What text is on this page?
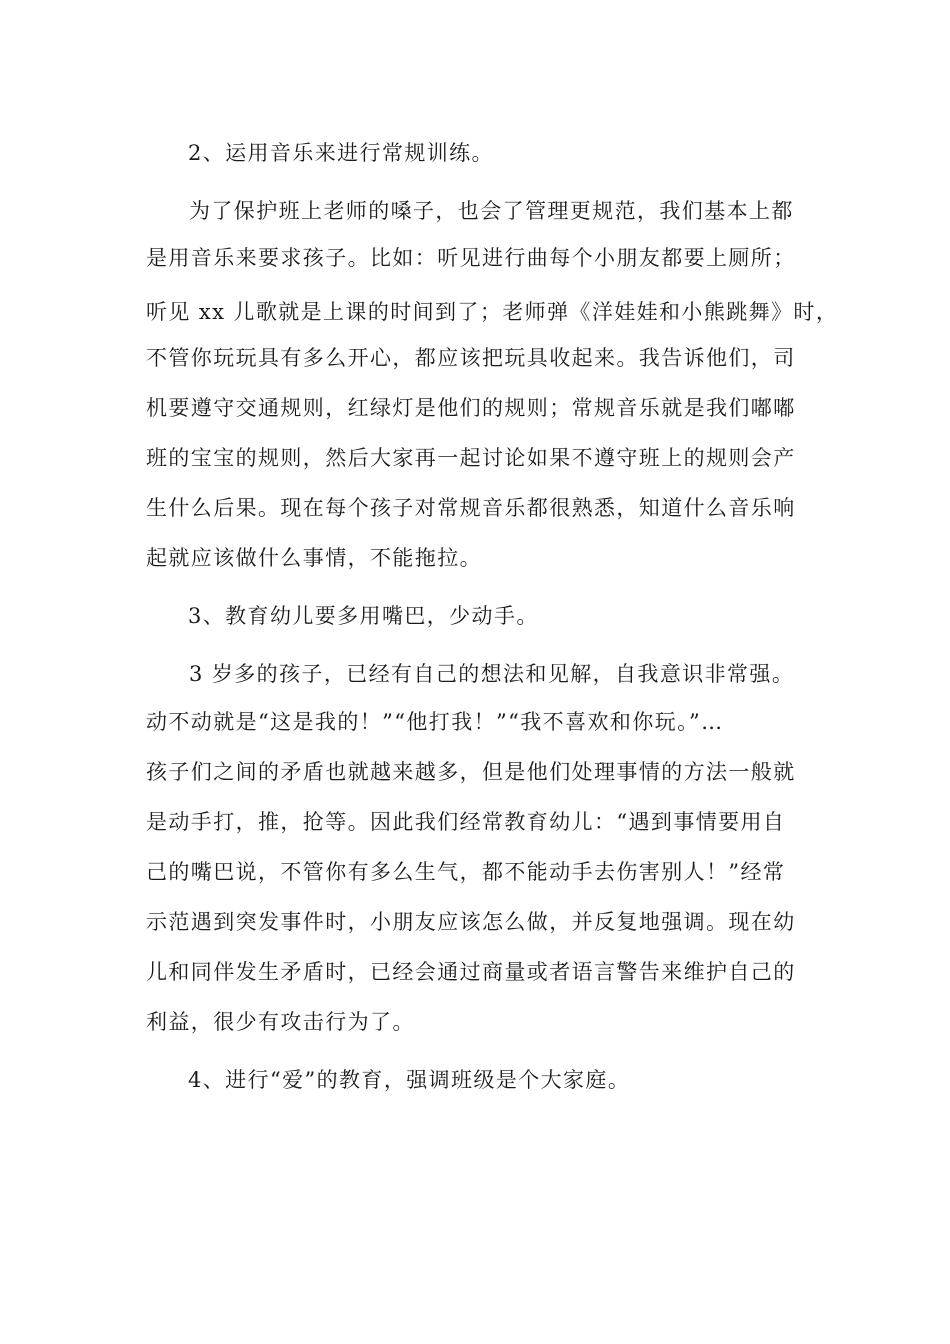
2、运用音乐来进行常规训练。
为了保护班上老师的嗓子，也会了管理更规范，我们基本上都
是用音乐来要求孩子。比如：听见进行曲每个小朋友都要上厕所；
听见 xx 儿歌就是上课的时间到了；老师弹《洋娃娃和小熊跳舞》时，
不管你玩玩具有多么开心，都应该把玩具收起来。我告诉他们，司
机要遵守交通规则，红绿灯是他们的规则；常规音乐就是我们嘟嘟
班的宝宝的规则，然后大家再一起讨论如果不遵守班上的规则会产
生什么后果。现在每个孩子对常规音乐都很熟悉，知道什么音乐响
起就应该做什么事情，不能拖拉。
3、教育幼儿要多用嘴巴，少动手。
3 岁多的孩子，已经有自己的想法和见解，自我意识非常强。
动不动就是“这是我的！”“他打我！”“我不喜欢和你玩。”…
孩子们之间的矛盾也就越来越多，但是他们处理事情的方法一般就
是动手打，推，抢等。因此我们经常教育幼儿：“遇到事情要用自
己的嘴巴说，不管你有多么生气，都不能动手去伤害别人！”经常
示范遇到突发事件时，小朋友应该怎么做，并反复地强调。现在幼
儿和同伴发生矛盾时，已经会通过商量或者语言警告来维护自己的
利益，很少有攻击行为了。
4、进行“爱”的教育，强调班级是个大家庭。
